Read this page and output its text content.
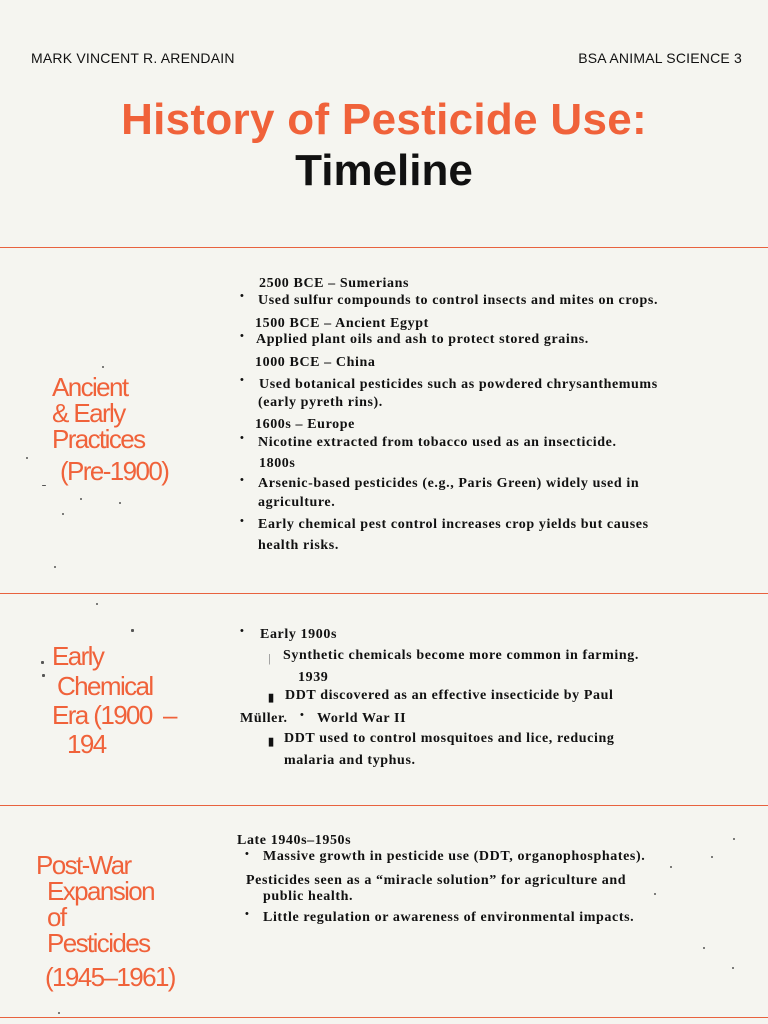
MARK VINCENT R. ARENDAIN	BSA ANIMAL SCIENCE 3
History of Pesticide Use:
Timeline
Ancient
& Early
Practices
(Pre-1900)
2500 BCE – Sumerians
• Used sulfur compounds to control insects and mites on crops.
1500 BCE – Ancient Egypt
• Applied plant oils and ash to protect stored grains.
1000 BCE – China
• Used botanical pesticides such as powdered chrysanthemums
(early pyreth rins).
1600s – Europe
• Nicotine extracted from tobacco used as an insecticide.
1800s
• Arsenic-based pesticides (e.g., Paris Green) widely used in
agriculture.
• Early chemical pest control increases crop yields but causes
health risks.
Early
Chemical
Era (1900  –
194
• Early 1900s
| Synthetic chemicals become more common in farming.
1939
▮ DDT discovered as an effective insecticide by Paul
Müller. • World War II
▮ DDT used to control mosquitoes and lice, reducing
malaria and typhus.
Post-War
Expansion
of
Pesticides
(1945–1961)
Late 1940s–1950s
• Massive growth in pesticide use (DDT, organophosphates).
Pesticides seen as a “miracle solution” for agriculture and
public health.
• Little regulation or awareness of environmental impacts.
